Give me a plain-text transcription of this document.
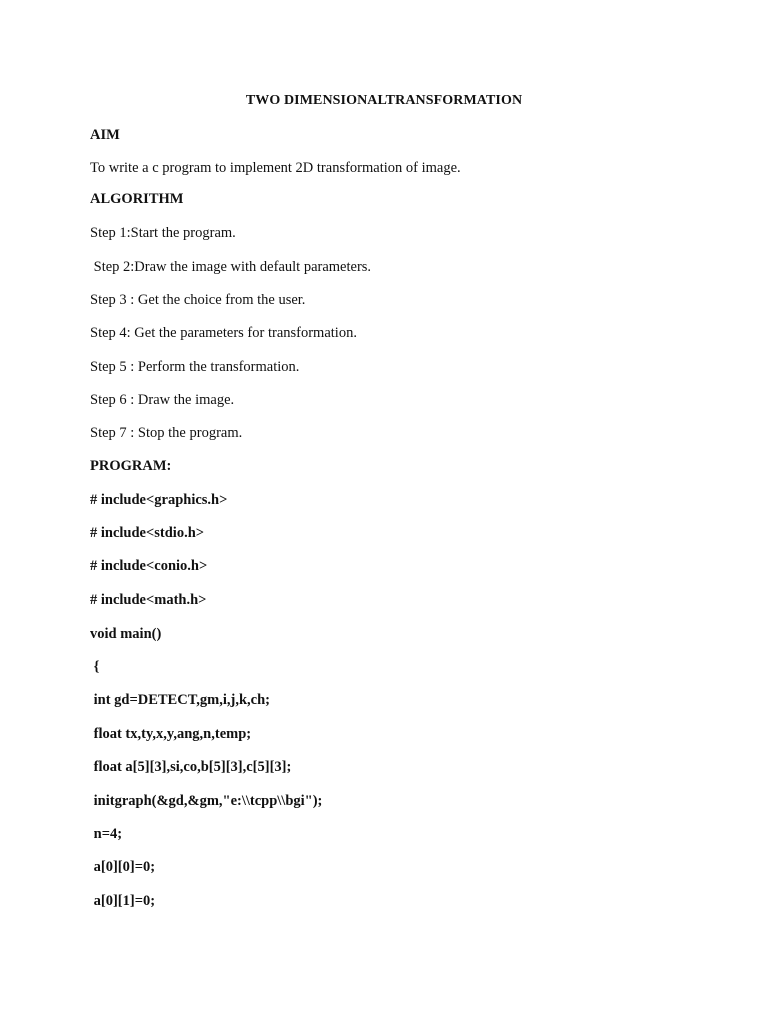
TWO DIMENSIONALTRANSFORMATION
AIM
To write a c program to implement 2D transformation of image.
ALGORITHM
Step 1:Start the program.
Step 2:Draw the image with default parameters.
Step 3 : Get the choice from the user.
Step 4: Get the parameters for transformation.
Step 5 : Perform the transformation.
Step 6 : Draw the image.
Step 7 : Stop the program.
PROGRAM:
# include<graphics.h>
# include<stdio.h>
# include<conio.h>
# include<math.h>
void main()
{
int gd=DETECT,gm,i,j,k,ch;
float tx,ty,x,y,ang,n,temp;
float a[5][3],si,co,b[5][3],c[5][3];
initgraph(&gd,&gm,"e:\\tcpp\\bgi");
n=4;
a[0][0]=0;
a[0][1]=0;
